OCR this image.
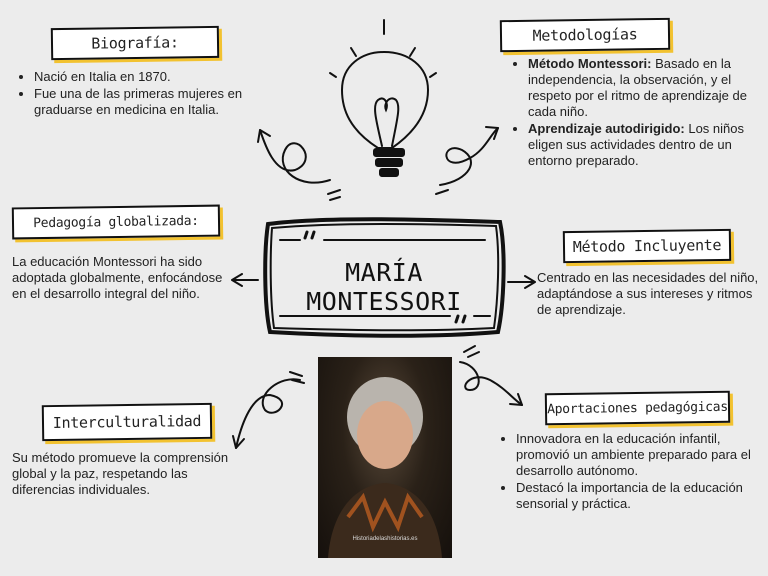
MARÍA MONTESSORI
Historiadelashistorias.es
Biografía:
• Nació en Italia en 1870.
• Fue una de las primeras mujeres en graduarse en medicina en Italia.
Metodologías
• Método Montessori: Basado en la independencia, la observación, y el respeto por el ritmo de aprendizaje de cada niño.
• Aprendizaje autodirigido: Los niños eligen sus actividades dentro de un entorno preparado.
Pedagogía globalizada:
La educación Montessori ha sido adoptada globalmente, enfocándose en el desarrollo integral del niño.
Método Incluyente
Centrado en las necesidades del niño, adaptándose a sus intereses y ritmos de aprendizaje.
Interculturalidad
Su método promueve la comprensión global y la paz, respetando las diferencias individuales.
Aportaciones pedagógicas
• Innovadora en la educación infantil, promovió un ambiente preparado para el desarrollo autónomo.
• Destacó la importancia de la educación sensorial y práctica.
